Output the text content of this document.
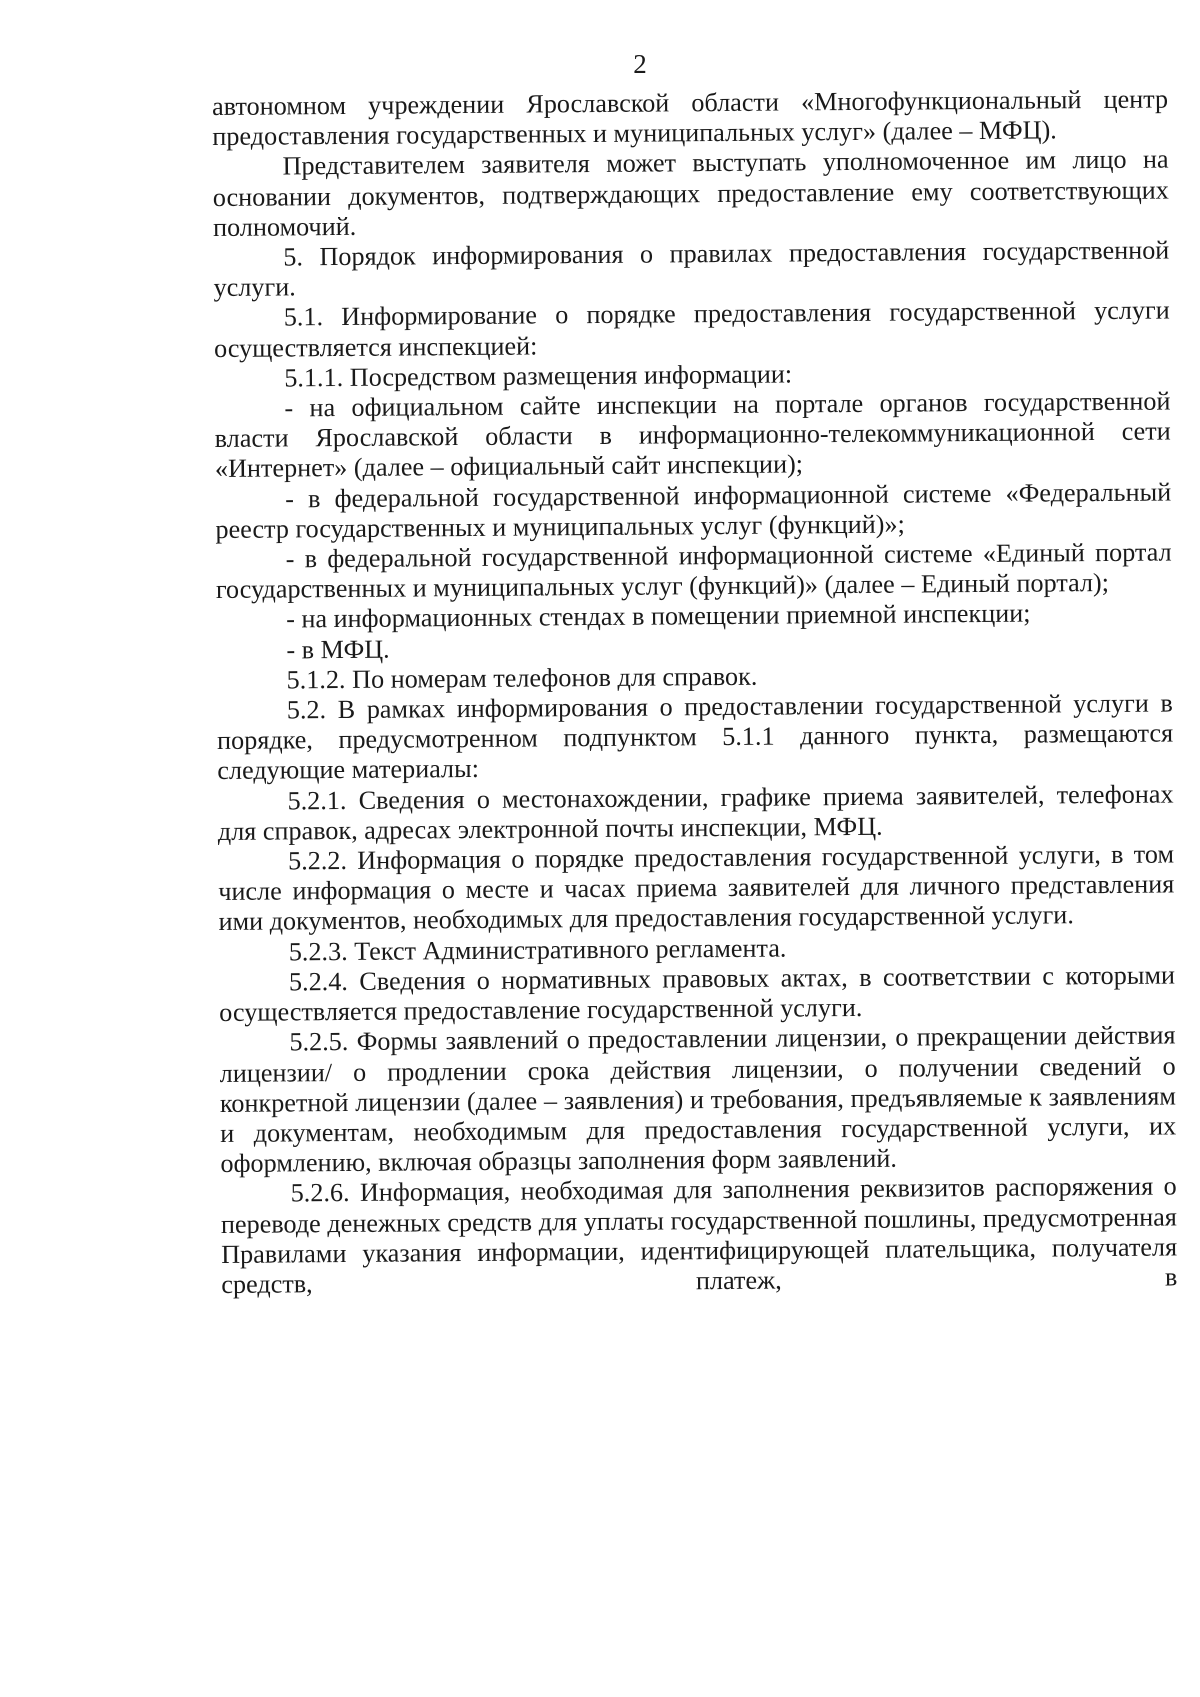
2

автономном учреждении Ярославской области «Многофункциональный центр предоставления государственных и муниципальных услуг» (далее – МФЦ).

Представителем заявителя может выступать уполномоченное им лицо на основании документов, подтверждающих предоставление ему соответствующих полномочий.

5. Порядок информирования о правилах предоставления государственной услуги.

5.1. Информирование о порядке предоставления государственной услуги осуществляется инспекцией:

5.1.1. Посредством размещения информации:

- на официальном сайте инспекции на портале органов государственной власти Ярославской области в информационно-телекоммуникационной сети «Интернет» (далее – официальный сайт инспекции);

- в федеральной государственной информационной системе «Федеральный реестр государственных и муниципальных услуг (функций)»;

- в федеральной государственной информационной системе «Единый портал государственных и муниципальных услуг (функций)» (далее – Единый портал);

- на информационных стендах в помещении приемной инспекции;

- в МФЦ.

5.1.2. По номерам телефонов для справок.

5.2. В рамках информирования о предоставлении государственной услуги в порядке, предусмотренном подпунктом 5.1.1 данного пункта, размещаются следующие материалы:

5.2.1. Сведения о местонахождении, графике приема заявителей, телефонах для справок, адресах электронной почты инспекции, МФЦ.

5.2.2. Информация о порядке предоставления государственной услуги, в том числе информация о месте и часах приема заявителей для личного представления ими документов, необходимых для предоставления государственной услуги.

5.2.3. Текст Административного регламента.

5.2.4. Сведения о нормативных правовых актах, в соответствии с которыми осуществляется предоставление государственной услуги.

5.2.5. Формы заявлений о предоставлении лицензии, о прекращении действия лицензии/ о продлении срока действия лицензии, о получении сведений о конкретной лицензии (далее – заявления) и требования, предъявляемые к заявлениям и документам, необходимым для предоставления государственной услуги, их оформлению, включая образцы заполнения форм заявлений.

5.2.6. Информация, необходимая для заполнения реквизитов распоряжения о переводе денежных средств для уплаты государственной пошлины, предусмотренная Правилами указания информации, идентифицирующей плательщика, получателя средств, платеж, в
